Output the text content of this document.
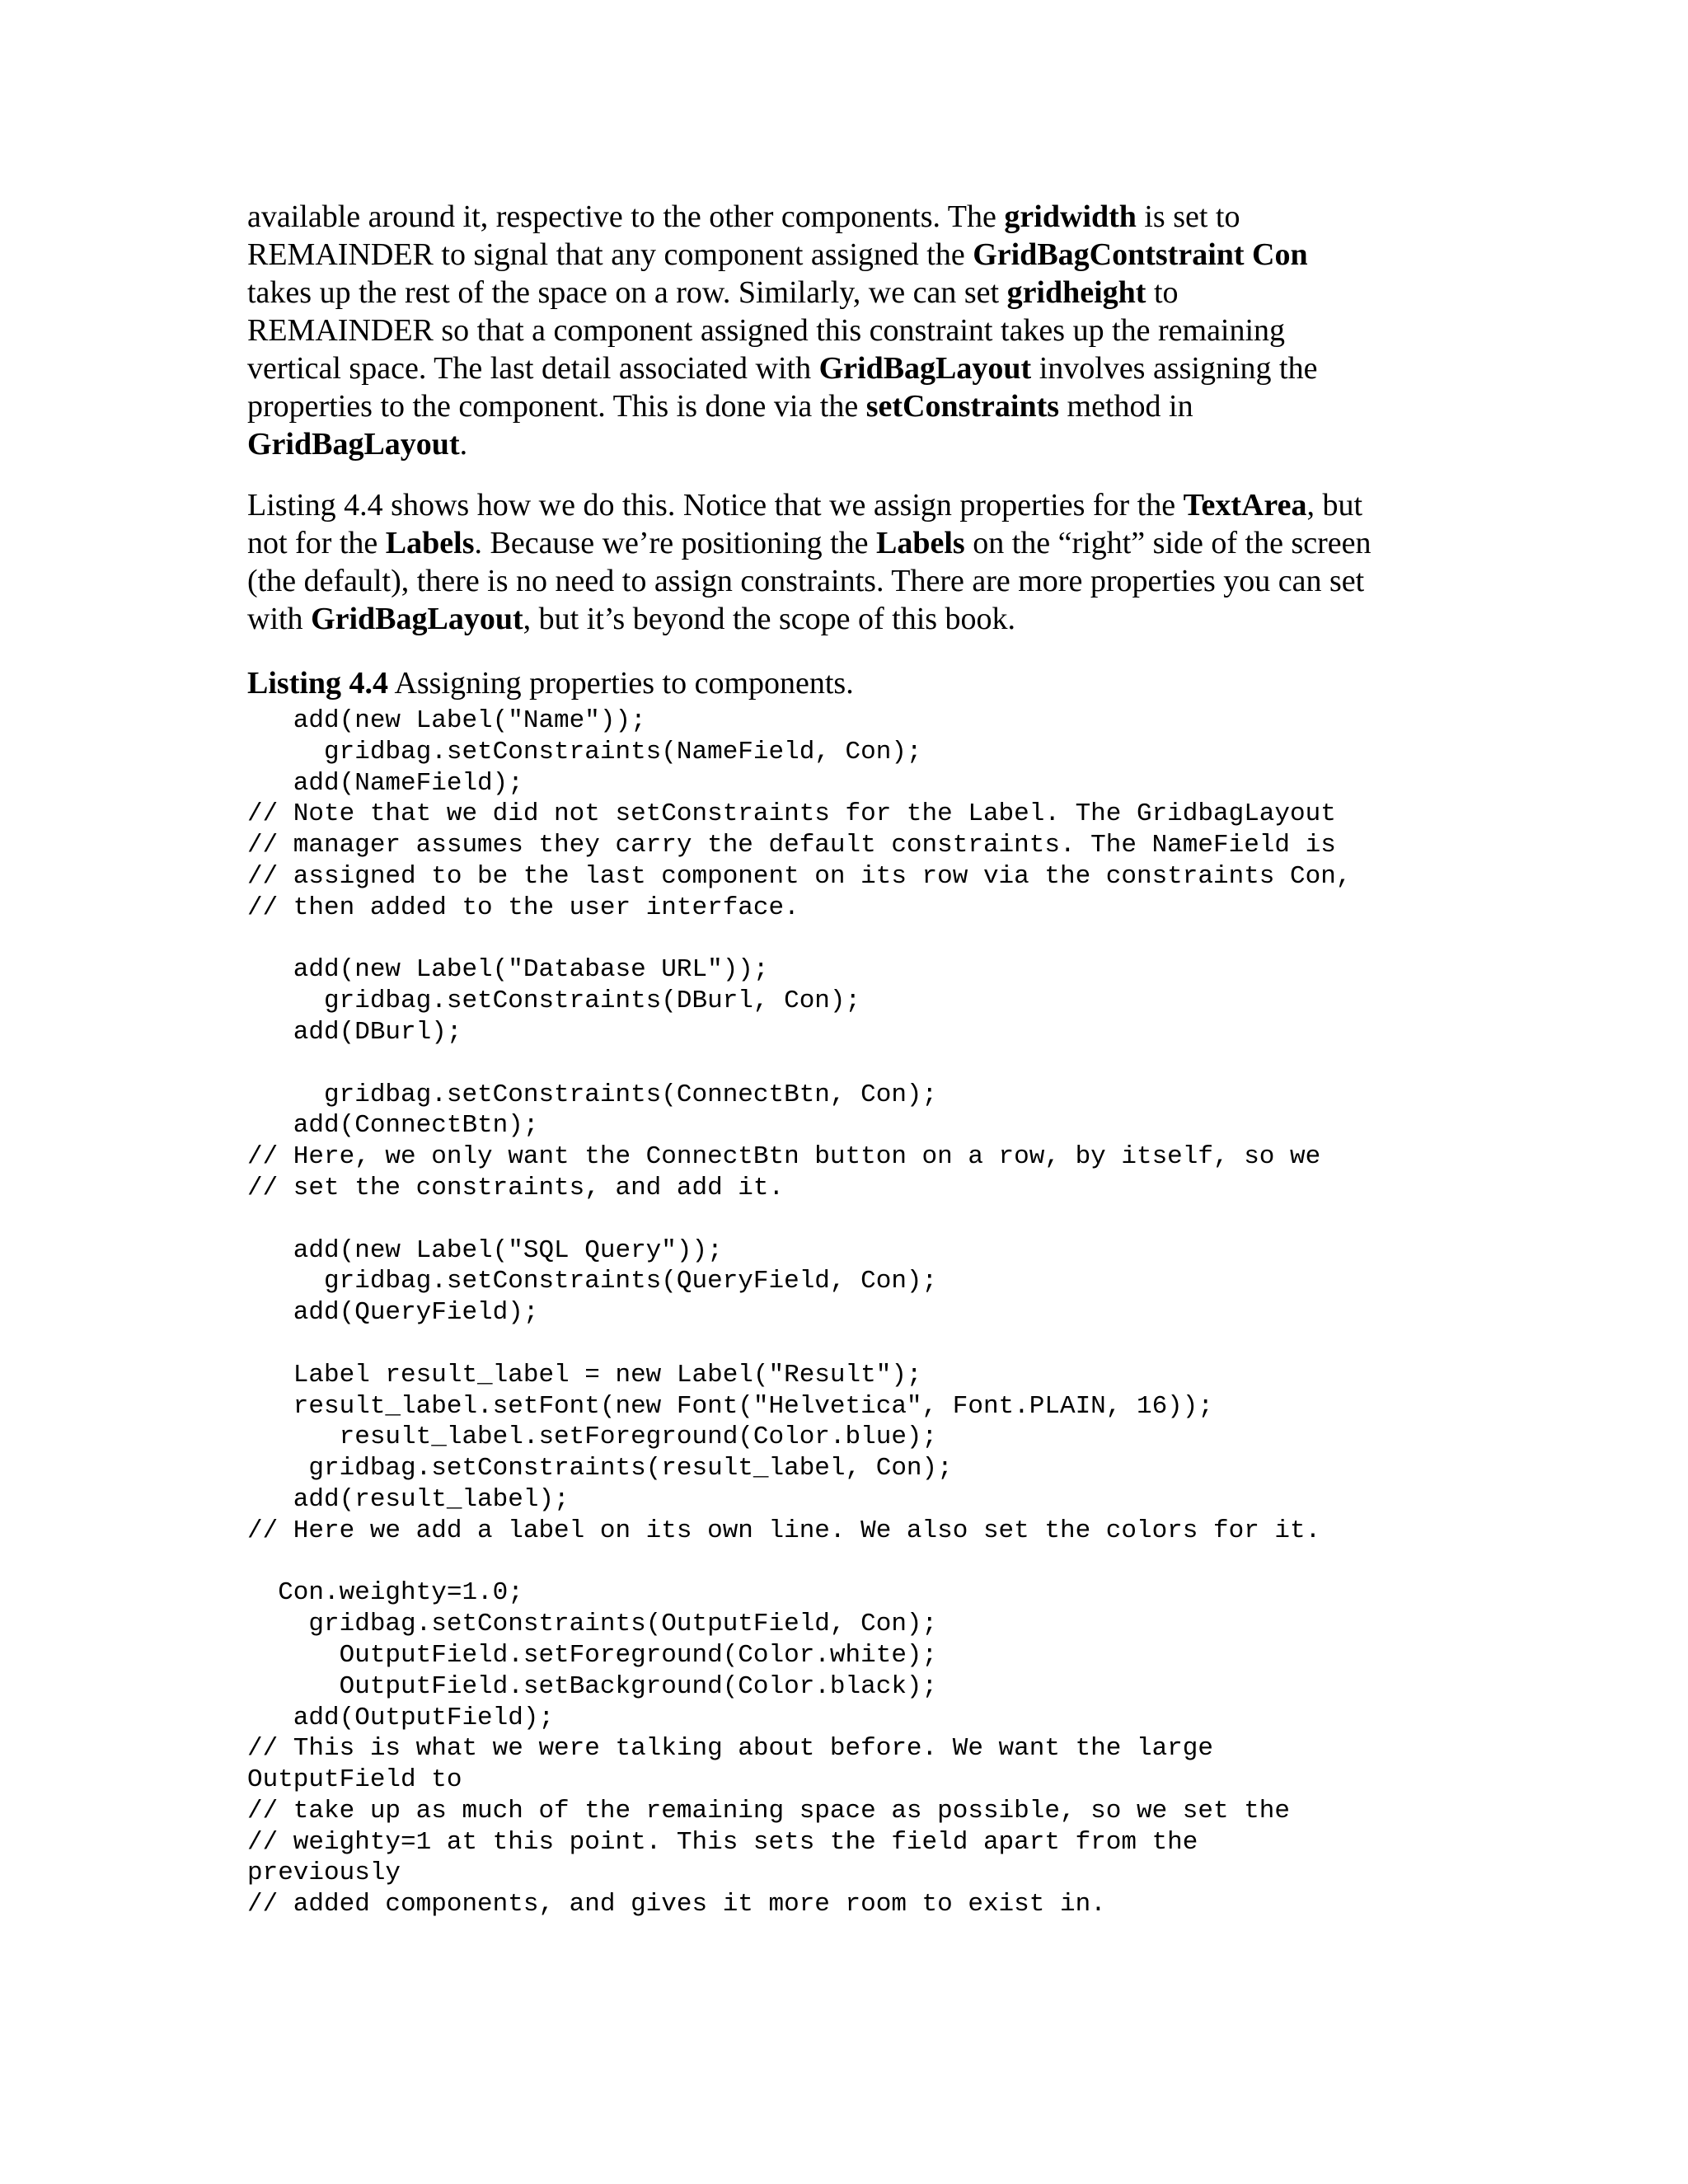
available around it, respective to the other components. The gridwidth is set to
REMAINDER to signal that any component assigned the GridBagContstraint Con
takes up the rest of the space on a row. Similarly, we can set gridheight to
REMAINDER so that a component assigned this constraint takes up the remaining
vertical space. The last detail associated with GridBagLayout involves assigning the
properties to the component. This is done via the setConstraints method in
GridBagLayout.

Listing 4.4 shows how we do this. Notice that we assign properties for the TextArea, but
not for the Labels. Because we’re positioning the Labels on the “right” side of the screen
(the default), there is no need to assign constraints. There are more properties you can set
with GridBagLayout, but it’s beyond the scope of this book.

Listing 4.4 Assigning properties to components.

add(new Label("Name"));
gridbag.setConstraints(NameField, Con);
add(NameField);
// Note that we did not setConstraints for the Label. The GridbagLayout
// manager assumes they carry the default constraints. The NameField is
// assigned to be the last component on its row via the constraints Con,
// then added to the user interface.
add(new Label("Database URL"));
gridbag.setConstraints(DBurl, Con);
add(DBurl);
gridbag.setConstraints(ConnectBtn, Con);
add(ConnectBtn);
// Here, we only want the ConnectBtn button on a row, by itself, so we
// set the constraints, and add it.
add(new Label("SQL Query"));
gridbag.setConstraints(QueryField, Con);
add(QueryField);
Label result_label = new Label("Result");
result_label.setFont(new Font("Helvetica", Font.PLAIN, 16));
result_label.setForeground(Color.blue);
gridbag.setConstraints(result_label, Con);
add(result_label);
// Here we add a label on its own line. We also set the colors for it.
Con.weighty=1.0;
gridbag.setConstraints(OutputField, Con);
OutputField.setForeground(Color.white);
OutputField.setBackground(Color.black);
add(OutputField);
// This is what we were talking about before. We want the large
OutputField to
// take up as much of the remaining space as possible, so we set the
// weighty=1 at this point. This sets the field apart from the
previously
// added components, and gives it more room to exist in.
